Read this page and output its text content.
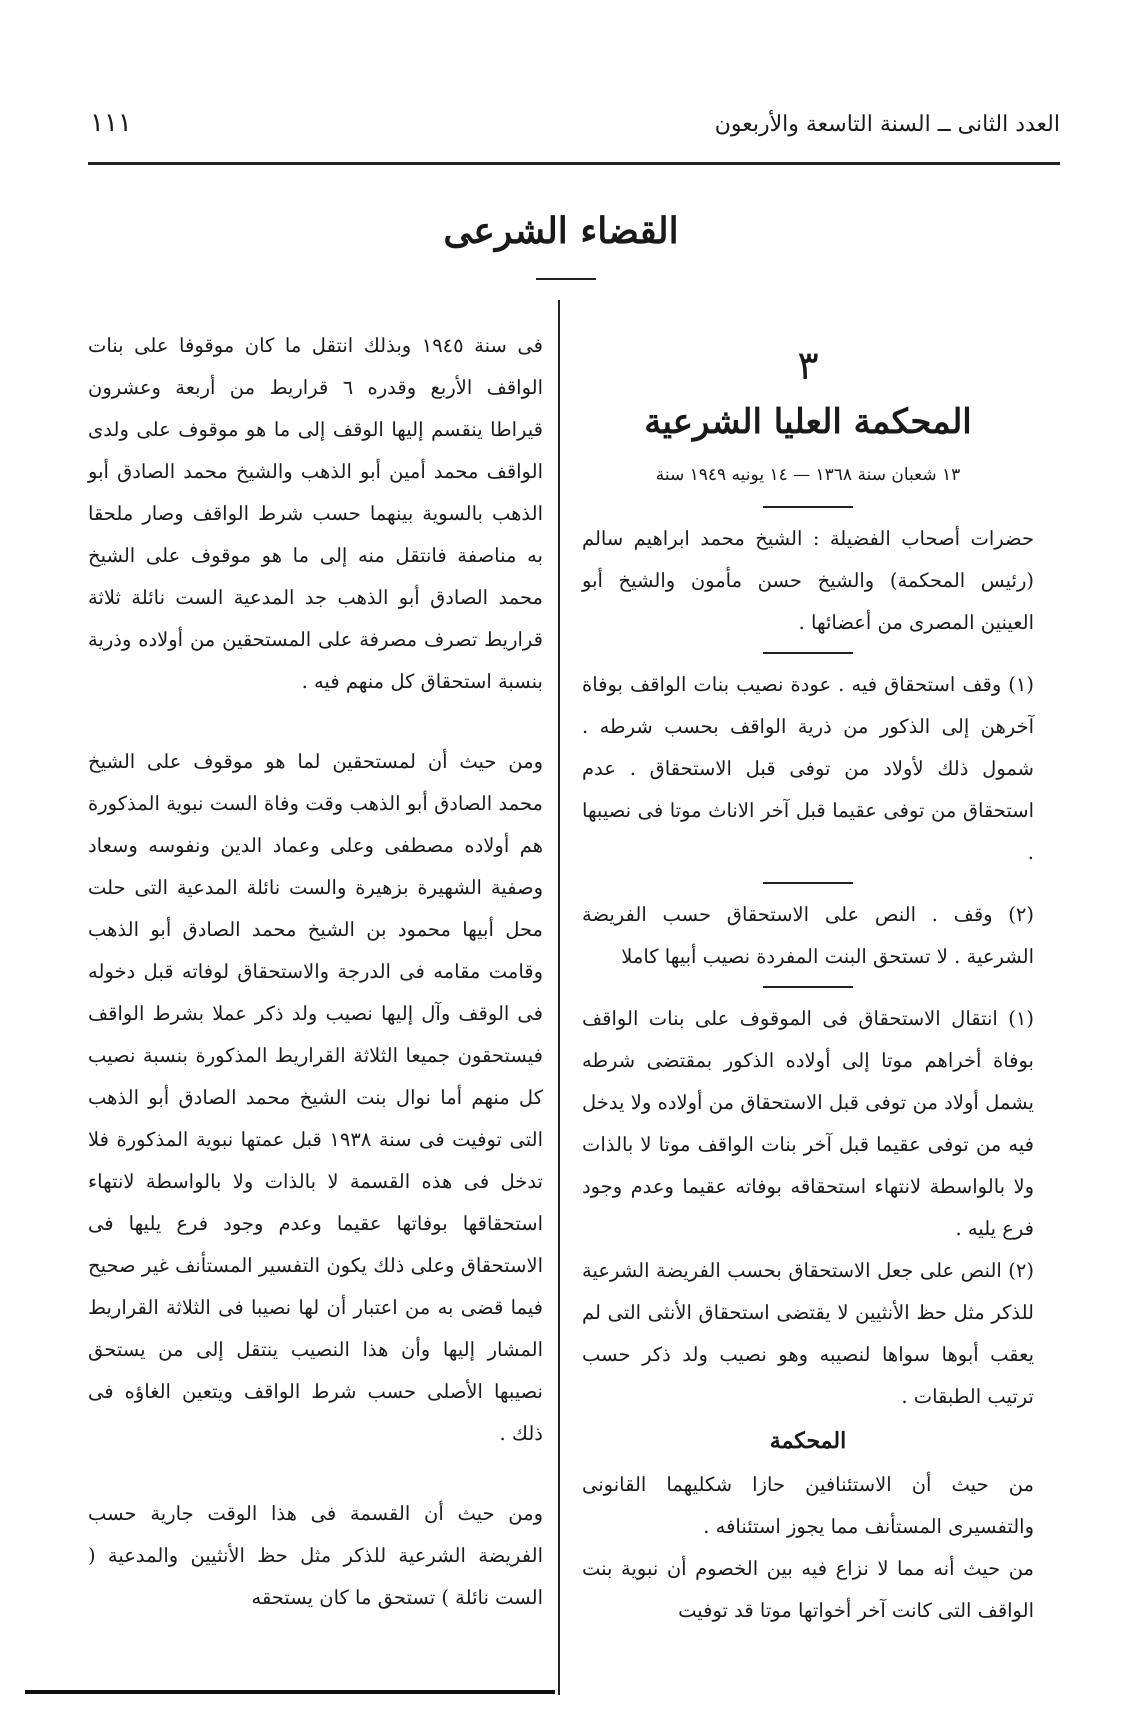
١١١	العدد الثانى ــ السنة التاسعة والأربعون
القضاء الشرعى
٣
المحكمة العليا الشرعية
١٣ شعبان سنة ١٣٦٨ — ١٤ يونيه ١٩٤٩ سنة

حضرات أصحاب الفضيلة : الشيخ محمد ابراهيم سالم (رئيس المحكمة) والشيخ حسن مأمون والشيخ أبو العينين المصرى من أعضائها .

(١) وقف استحقاق فيه . عودة نصيب بنات الواقف بوفاة آخرهن إلى الذكور من ذرية الواقف بحسب شرطه . شمول ذلك لأولاد من توفى قبل الاستحقاق . عدم استحقاق من توفى عقيما قبل آخر الاناث موتا فى نصيبها .

(٢) وقف . النص على الاستحقاق حسب الفريضة الشرعية . لا تستحق البنت المفردة نصيب أبيها كاملا

(١) انتقال الاستحقاق فى الموقوف على بنات الواقف بوفاة أخراهم موتا إلى أولاده الذكور بمقتضى شرطه يشمل أولاد من توفى قبل الاستحقاق من أولاده ولا يدخل فيه من توفى عقيما قبل آخر بنات الواقف موتا لا بالذات ولا بالواسطة لانتهاء استحقاقه بوفاته عقيما وعدم وجود فرع يليه .

(٢) النص على جعل الاستحقاق بحسب الفريضة الشرعية للذكر مثل حظ الأنثيين لا يقتضى استحقاق الأنثى التى لم يعقب أبوها سواها لنصيبه وهو نصيب ولد ذكر حسب ترتيب الطبقات .

المحكمة

من حيث أن الاستئنافين حازا شكليهما القانونى والتفسيرى المستأنف مما يجوز استئنافه .

من حيث أنه مما لا نزاع فيه بين الخصوم أن نبوية بنت الواقف التى كانت آخر أخواتها موتا قد توفيت

فى سنة ١٩٤٥ وبذلك انتقل ما كان موقوفا على بنات الواقف الأربع وقدره ٦ قراريط من أربعة وعشرون قيراطا ينقسم إليها الوقف إلى ما هو موقوف على ولدى الواقف محمد أمين أبو الذهب والشيخ محمد الصادق أبو الذهب بالسوية بينهما حسب شرط الواقف وصار ملحقا به مناصفة فانتقل منه إلى ما هو موقوف على الشيخ محمد الصادق أبو الذهب جد المدعية الست نائلة ثلاثة قراريط تصرف مصرفة على المستحقين من أولاده وذرية بنسبة استحقاق كل منهم فيه .

ومن حيث أن لمستحقين لما هو موقوف على الشيخ محمد الصادق أبو الذهب وقت وفاة الست نبوية المذكورة هم أولاده مصطفى وعلى وعماد الدين ونفوسه وسعاد وصفية الشهيرة بزهيرة والست نائلة المدعية التى حلت محل أبيها محمود بن الشيخ محمد الصادق أبو الذهب وقامت مقامه فى الدرجة والاستحقاق لوفاته قبل دخوله فى الوقف وآل إليها نصيب ولد ذكر عملا بشرط الواقف فيستحقون جميعا الثلاثة القراريط المذكورة بنسبة نصيب كل منهم أما نوال بنت الشيخ محمد الصادق أبو الذهب التى توفيت فى سنة ١٩٣٨ قبل عمتها نبوية المذكورة فلا تدخل فى هذه القسمة لا بالذات ولا بالواسطة لانتهاء استحقاقها بوفاتها عقيما وعدم وجود فرع يليها فى الاستحقاق وعلى ذلك يكون التفسير المستأنف غير صحيح فيما قضى به من اعتبار أن لها نصيبا فى الثلاثة القراريط المشار إليها وأن هذا النصيب ينتقل إلى من يستحق نصيبها الأصلى حسب شرط الواقف ويتعين الغاؤه فى ذلك .

ومن حيث أن القسمة فى هذا الوقت جارية حسب الفريضة الشرعية للذكر مثل حظ الأنثيين والمدعية ( الست نائلة ) تستحق ما كان يستحقه
